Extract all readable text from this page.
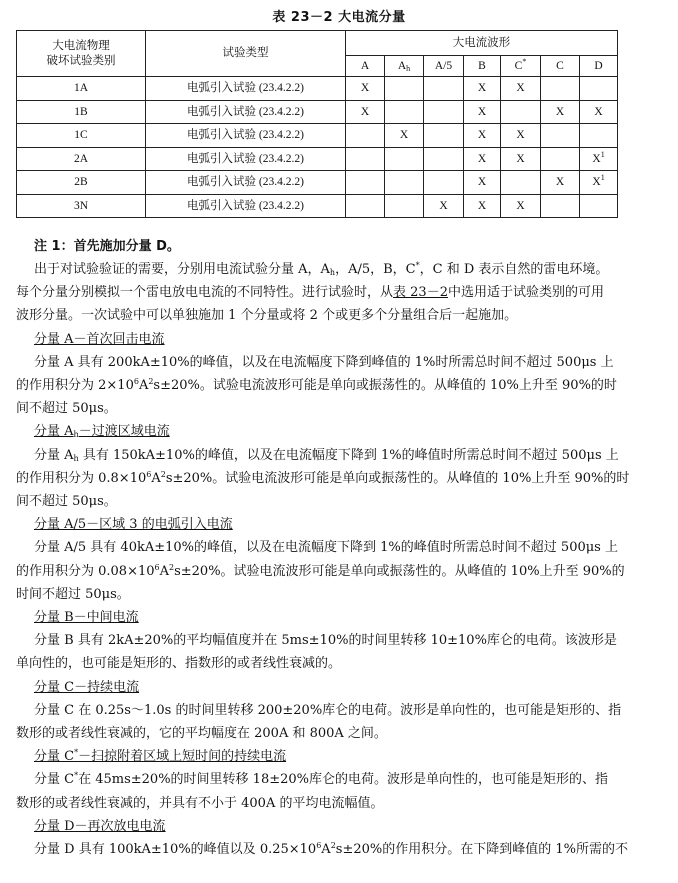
表 23－2 大电流分量
大电流物理
破坏试验类别	试验类型	大电流波形						
		A	$A_h$	A/5	B	C*	C	D
1A	电弧引入试验 (23.4.2.2)	X			X	X		
1B	电弧引入试验 (23.4.2.2)	X			X		X	X
1C	电弧引入试验 (23.4.2.2)		X		X	X		
2A	电弧引入试验 (23.4.2.2)				X	X		$X^1$
2B	电弧引入试验 (23.4.2.2)				X		X	$X^1$
3N	电弧引入试验 (23.4.2.2)			X	X	X		
注 1：首先施加分量 D。

出于对试验验证的需要，分别用电流试验分量 A，$A_h$，A/5，B，C*，C 和 D 表示自然的雷电环境。

每个分量分别模拟一个雷电放电电流的不同特性。进行试验时，从表 23－2中选用适于试验类别的可用

波形分量。一次试验中可以单独施加 1 个分量或将 2 个或更多个分量组合后一起施加。

分量 A－首次回击电流

分量 A 具有 200kA±10%的峰值，以及在电流幅度下降到峰值的 1%时所需总时间不超过 500μs 上

的作用积分为 $2\times 10^6A^2s\pm 20\%$。试验电流波形可能是单向或振荡性的。从峰值的 10%上升至 90%的时

间不超过 50μs。

分量 $A_h-$过渡区域电流

分量 $A_h$ 具有 150kA±10%的峰值，以及在电流幅度下降到 1%的峰值时所需总时间不超过 500μs 上

的作用积分为 $0.8\times 10^6A^2s\pm 20\%$。试验电流波形可能是单向或振荡性的。从峰值的 10%上升至 90%的时

间不超过 50μs。

分量 A/5－区域 3 的电弧引入电流

分量 A/5 具有 40kA±10%的峰值，以及在电流幅度下降到 1%的峰值时所需总时间不超过 500μs 上

的作用积分为 $0.08\times 10^6A^2s\pm 20\%$。试验电流波形可能是单向或振荡性的。从峰值的 10%上升至 90%的

时间不超过 50μs。

分量 B－中间电流

分量 B 具有 2kA±20%的平均幅值度并在 5ms±10%的时间里转移 10±10%库仑的电荷。该波形是

单向性的，也可能是矩形的、指数形的或者线性衰减的。

分量 C－持续电流

分量 C 在 0.25s～1.0s 的时间里转移 200±20%库仑的电荷。波形是单向性的，也可能是矩形的、指

数形的或者线性衰减的，它的平均幅度在 200A 和 800A 之间。

分量 C*－扫掠附着区域上短时间的持续电流

分量 C*在 45ms±20%的时间里转移 18±20%库仑的电荷。波形是单向性的，也可能是矩形的、指

数形的或者线性衰减的，并具有不小于 400A 的平均电流幅值。

分量 D－再次放电电流

分量 D 具有 100kA±10%的峰值以及 $0.25\times 10^6A^2s\pm 20\%$的作用积分。在下降到峰值的 1%所需的不
